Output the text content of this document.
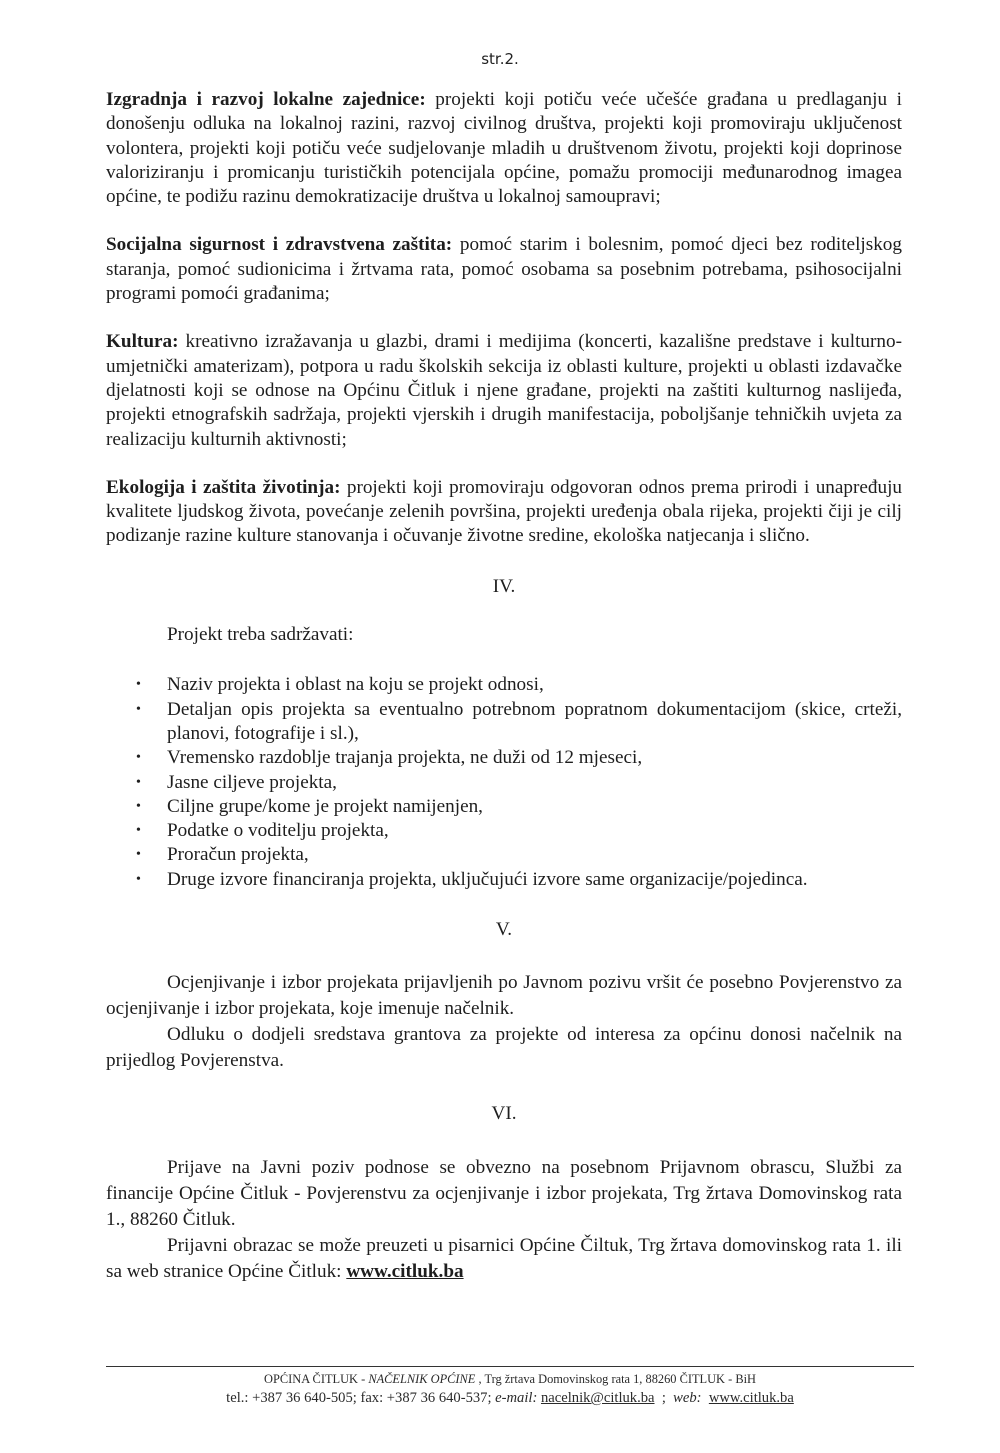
str.2.

Izgradnja i razvoj lokalne zajednice: projekti koji potiču veće učešće građana u predlaganju i donošenju odluka na lokalnoj razini, razvoj civilnog društva, projekti koji promoviraju uključenost volontera, projekti koji potiču veće sudjelovanje mladih u društvenom životu, projekti koji doprinose valoriziranju i promicanju turističkih potencijala općine, pomažu promociji međunarodnog imagea općine, te podižu razinu demokratizacije društva u lokalnoj samoupravi;

Socijalna sigurnost i zdravstvena zaštita: pomoć starim i bolesnim, pomoć djeci bez roditeljskog staranja, pomoć sudionicima i žrtvama rata, pomoć osobama sa posebnim potrebama, psihosocijalni programi pomoći građanima;

Kultura: kreativno izražavanja u glazbi, drami i medijima (koncerti, kazališne predstave i kulturno-umjetnički amaterizam), potpora u radu školskih sekcija iz oblasti kulture, projekti u oblasti izdavačke djelatnosti koji se odnose na Općinu Čitluk i njene građane, projekti na zaštiti kulturnog naslijeđa, projekti etnografskih sadržaja, projekti vjerskih i drugih manifestacija, poboljšanje tehničkih uvjeta za realizaciju kulturnih aktivnosti;

Ekologija i zaštita životinja: projekti koji promoviraju odgovoran odnos prema prirodi i unapređuju kvalitete ljudskog života, povećanje zelenih površina, projekti uređenja obala rijeka, projekti čiji je cilj podizanje razine kulture stanovanja i očuvanje životne sredine, ekološka natjecanja i slično.

IV.

Projekt treba sadržavati:

• Naziv projekta i oblast na koju se projekt odnosi,
• Detaljan opis projekta sa eventualno potrebnom popratnom dokumentacijom (skice, crteži, planovi, fotografije i sl.),
• Vremensko razdoblje trajanja projekta, ne duži od 12 mjeseci,
• Jasne ciljeve projekta,
• Ciljne grupe/kome je projekt namijenjen,
• Podatke o voditelju projekta,
• Proračun projekta,
• Druge izvore financiranja projekta, uključujući izvore same organizacije/pojedinca.

V.

Ocjenjivanje i izbor projekata prijavljenih po Javnom pozivu vršit će posebno Povjerenstvo za ocjenjivanje i izbor projekata, koje imenuje načelnik.

Odluku o dodjeli sredstava grantova za projekte od interesa za općinu donosi načelnik na prijedlog Povjerenstva.

VI.

Prijave na Javni poziv podnose se obvezno na posebnom Prijavnom obrascu, Službi za financije Općine Čitluk - Povjerenstvu za ocjenjivanje i izbor projekata, Trg žrtava Domovinskog rata 1., 88260 Čitluk.

Prijavni obrazac se može preuzeti u pisarnici Općine Čiltuk, Trg žrtava domovinskog rata 1. ili sa web stranice Općine Čitluk: www.citluk.ba

OPĆINA ČITLUK - NAČELNIK OPĆINE , Trg žrtava Domovinskog rata 1, 88260 ČITLUK - BiH
tel.: +387 36 640-505; fax: +387 36 640-537; e-mail: nacelnik@citluk.ba  ;  web: www.citluk.ba
